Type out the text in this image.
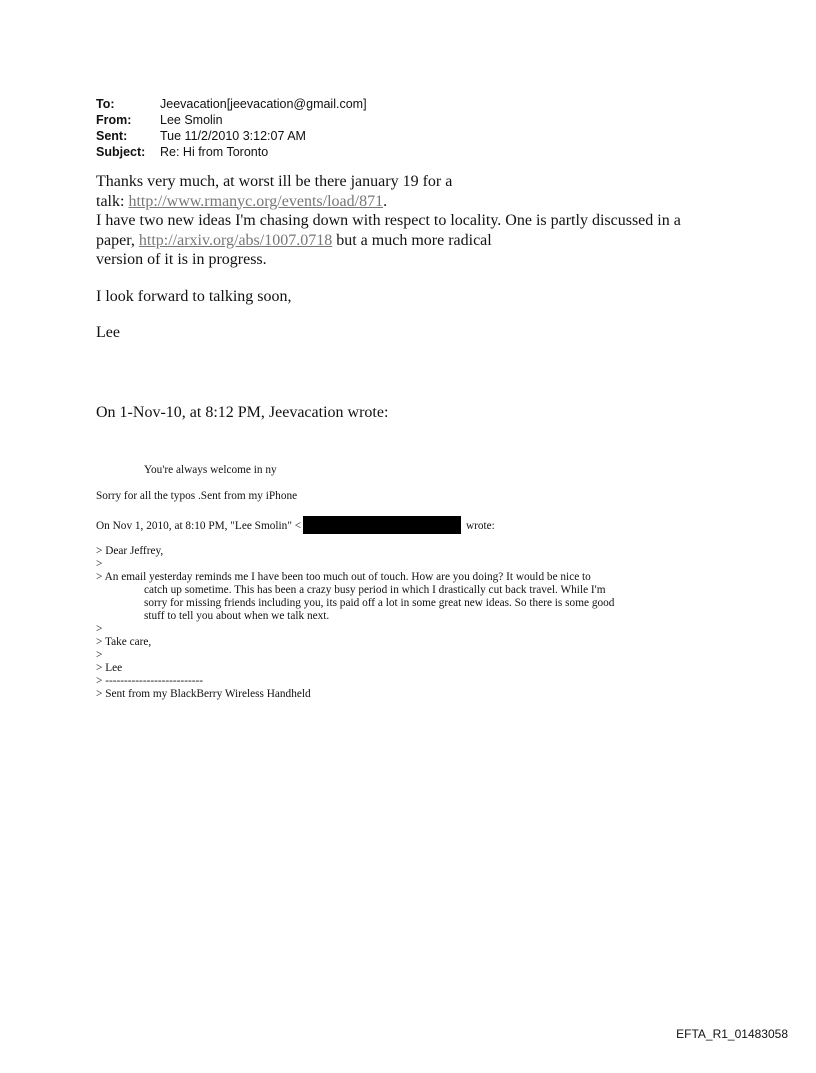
To:	Jeevacation[jeevacation@gmail.com]
From:	Lee Smolin
Sent:	Tue 11/2/2010 3:12:07 AM
Subject:	Re: Hi from Toronto

Thanks very much, at worst ill be there january 19 for a

talk: http://www.rmanyc.org/events/load/871.

I have two new ideas I'm chasing down with respect to locality. One is partly discussed in a

paper, http://arxiv.org/abs/1007.0718 but a much more radical

version of it is in progress.

I look forward to talking soon,

Lee

On 1-Nov-10, at 8:12 PM, Jeevacation wrote:

You're always welcome in ny

Sorry for all the typos .Sent from my iPhone

On Nov 1, 2010, at 8:10 PM, "Lee Smolin" <	wrote:

> Dear Jeffrey,

>

> An email yesterday reminds me I have been too much out of touch. How are you doing? It would be nice to

catch up sometime. This has been a crazy busy period in which I drastically cut back travel. While I'm

sorry for missing friends including you, its paid off a lot in some great new ideas. So there is some good

stuff to tell you about when we talk next.

>

> Take care,

>

> Lee

> --------------------------

> Sent from my BlackBerry Wireless Handheld

EFTA_R1_01483058
